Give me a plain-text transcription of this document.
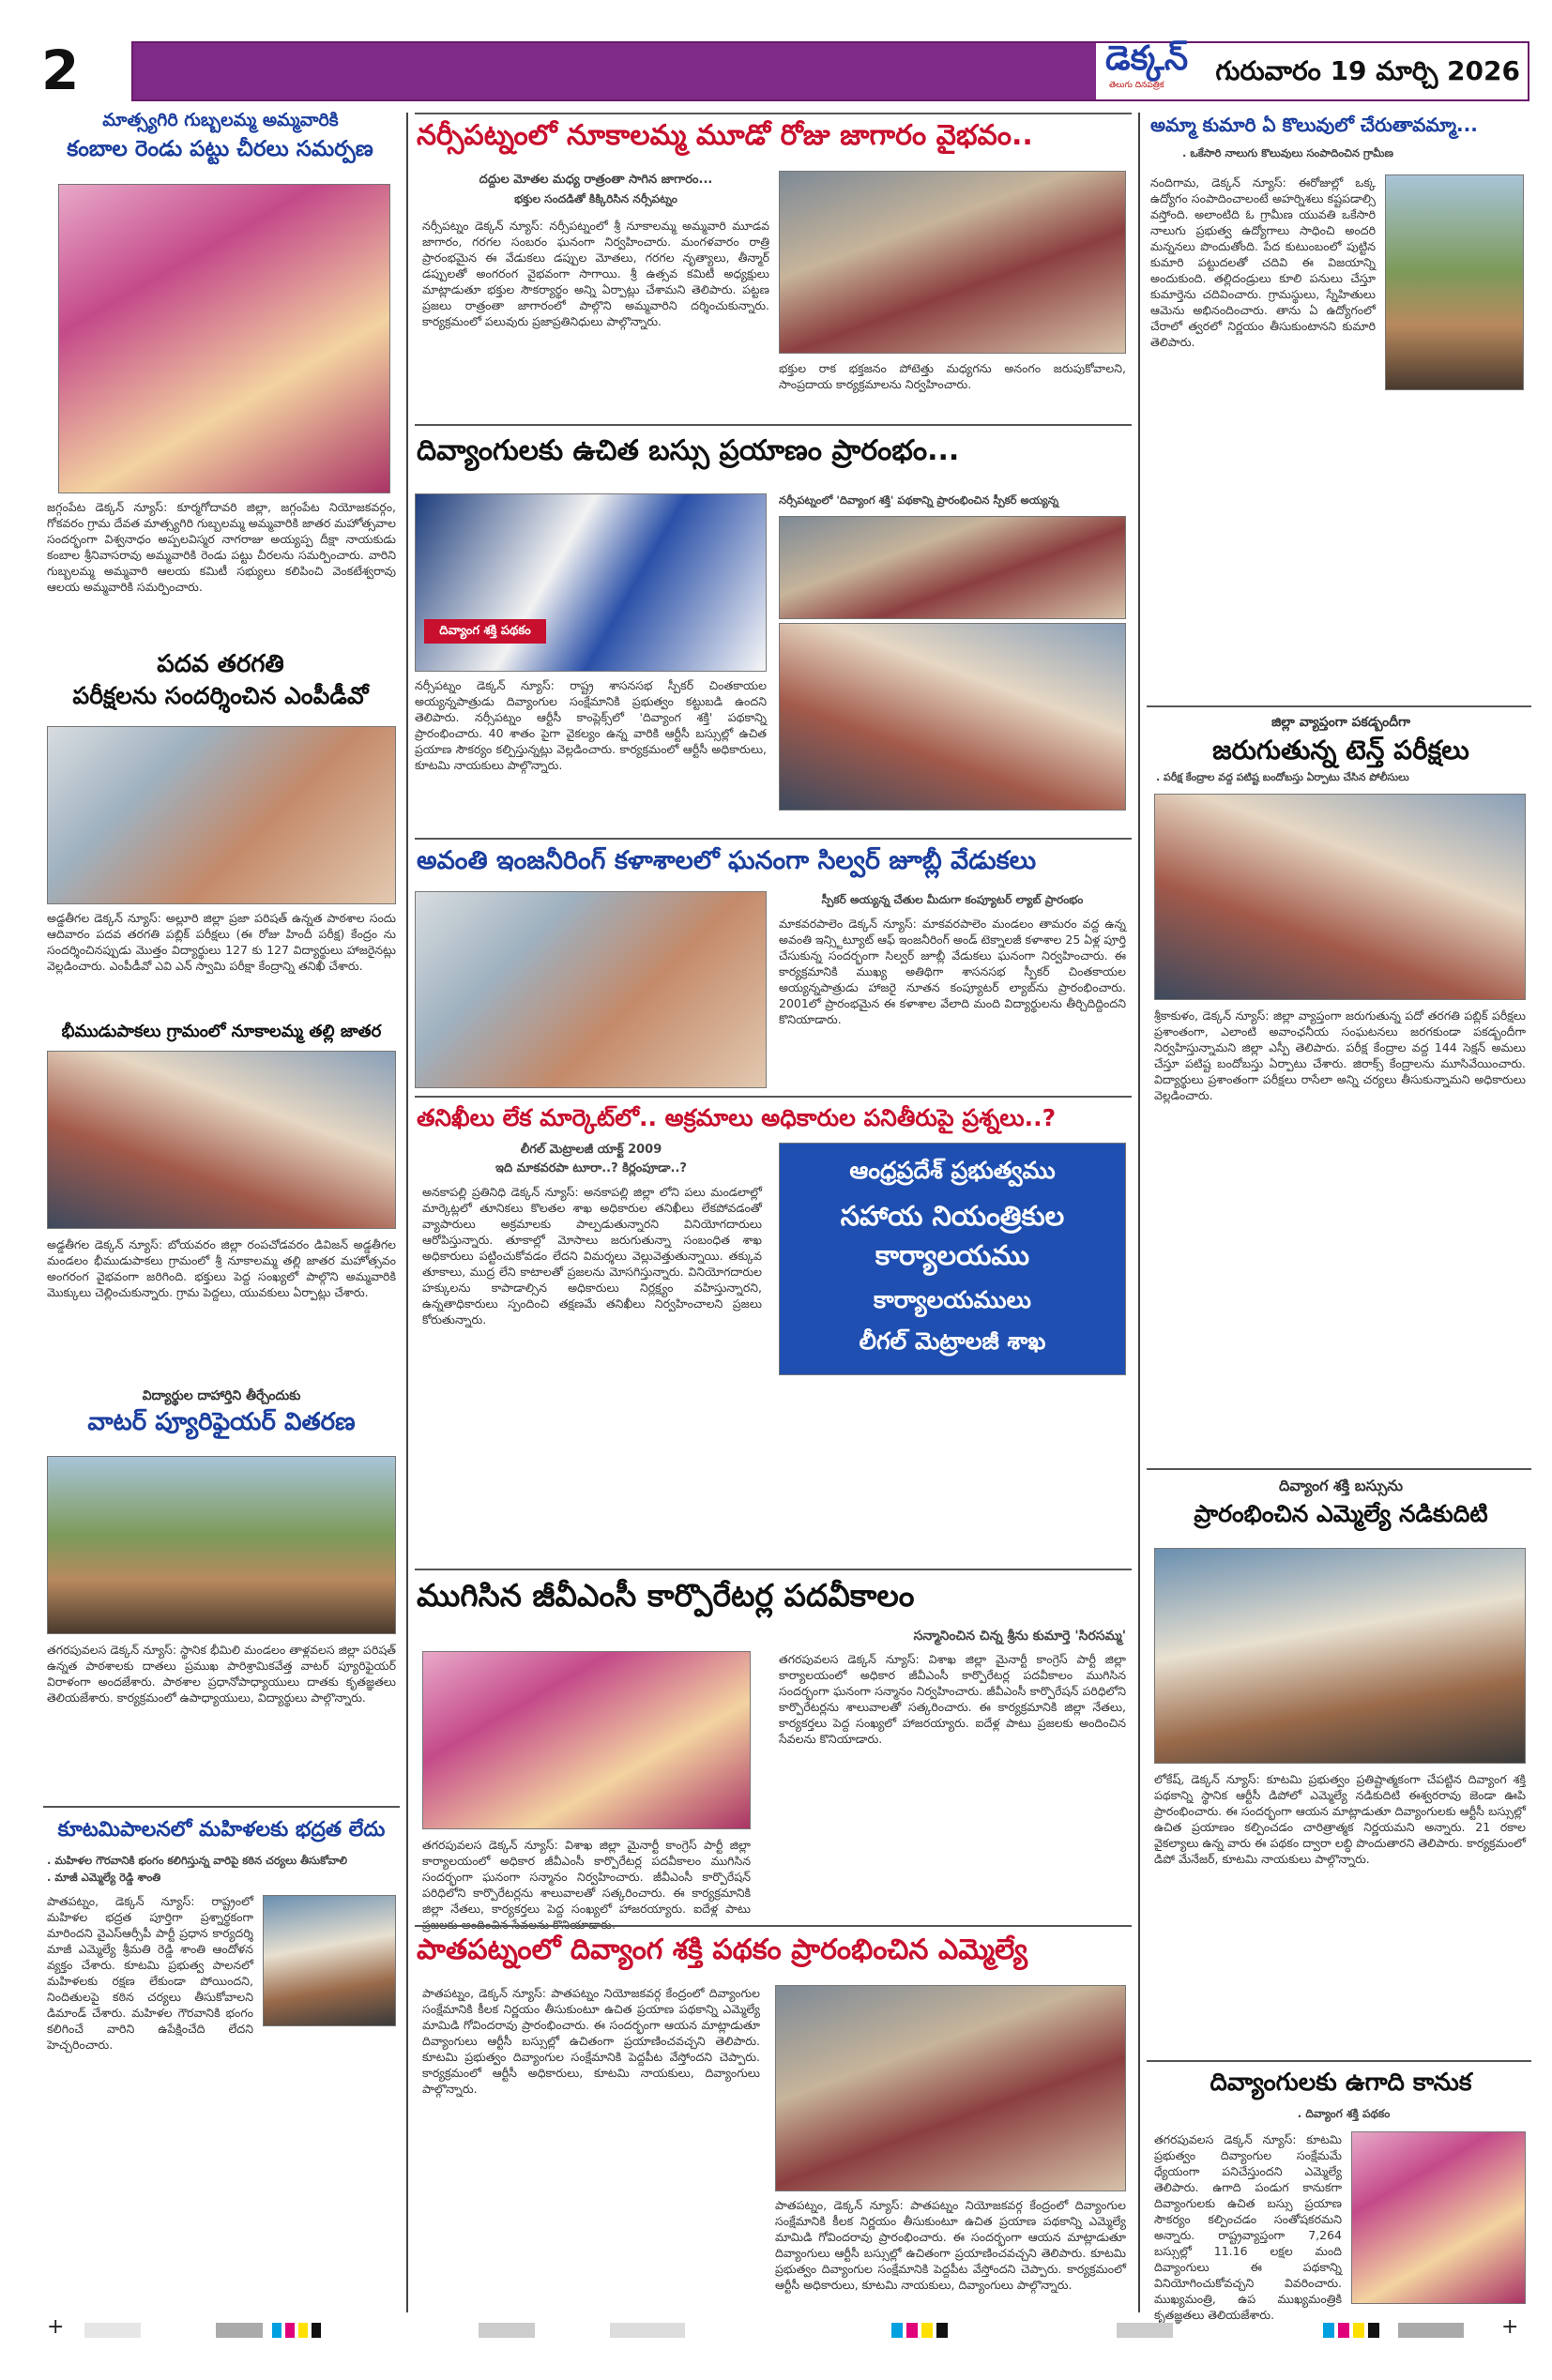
2	డెక్కన్
తెలుగు దినపత్రిక	గురువారం 19 మార్చి 2026
మాత్స్యగిరి గుబ్బలమ్మ అమ్మవారికి
కంబాల రెండు పట్టు చీరలు సమర్పణ
జగ్గంపేట డెక్కన్ న్యూస్: కూర్మగోదావరి జిల్లా, జగ్గంపేట నియోజకవర్గం, గోకవరం గ్రామ దేవత మాత్స్యగిరి గుబ్బలమ్మ అమ్మవారికి జాతర మహోత్సవాల సందర్భంగా విశ్వనాధం అప్పలవిస్మర నాగరాజు అయ్యప్ప దీక్షా నాయకుడు కంబాల శ్రీనివాసరావు అమ్మవారికి రెండు పట్టు చీరలను సమర్పించారు. వారిని గుబ్బలమ్మ అమ్మవారి ఆలయ కమిటీ సభ్యులు కలిపించి వెంకటేశ్వరావు ఆలయ అమ్మవారికి సమర్పించారు.
పదవ తరగతి
పరీక్షలను సందర్శించిన ఎంపీడీవో
అడ్డతీగల డెక్కన్ న్యూస్: అల్లూరి జిల్లా ప్రజా పరిషత్ ఉన్నత పాఠశాల సందు ఆదివారం పదవ తరగతి పబ్లిక్ పరీక్షలు (ఈ రోజు హిందీ పరీక్ష) కేంద్రం ను సందర్శించినప్పుడు మొత్తం విద్యార్థులు 127 కు 127 విద్యార్థులు హాజరైనట్లు వెల్లడించారు. ఎంపీడీవో ఎవి ఎన్ స్వామి పరీక్షా కేంద్రాన్ని తనిఖీ చేశారు.
భీముడుపాకలు గ్రామంలో నూకాలమ్మ తల్లి జాతర
అడ్డతీగల డెక్కన్ న్యూస్: బోయవరం జిల్లా రంపచోడవరం డివిజన్ అడ్డతీగల మండలం భీముడుపాకలు గ్రామంలో శ్రీ నూకాలమ్మ తల్లి జాతర మహోత్సవం అంగరంగ వైభవంగా జరిగింది. భక్తులు పెద్ద సంఖ్యలో పాల్గొని అమ్మవారికి మొక్కులు చెల్లించుకున్నారు. గ్రామ పెద్దలు, యువకులు ఏర్పాట్లు చేశారు.
విద్యార్థుల దాహార్తిని తీర్చేందుకు
వాటర్ ప్యూరిఫైయర్ వితరణ
తగరపువలస డెక్కన్ న్యూస్: స్థానిక భీమిలి మండలం తాళ్లవలస జిల్లా పరిషత్ ఉన్నత పాఠశాలకు దాతలు ప్రముఖ పారిశ్రామికవేత్త వాటర్ ప్యూరిఫైయర్ విరాళంగా అందజేశారు. పాఠశాల ప్రధానోపాధ్యాయులు దాతకు కృతజ్ఞతలు తెలియజేశారు. కార్యక్రమంలో ఉపాధ్యాయులు, విద్యార్థులు పాల్గొన్నారు.
కూటమిపాలనలో మహిళలకు భద్రత లేదు
. మహిళల గౌరవానికి భంగం కలిగిస్తున్న వారిపై కఠిన చర్యలు తీసుకోవాలి
. మాజీ ఎమ్మెల్యే రెడ్డి శాంతి
పాతపట్నం, డెక్కన్ న్యూస్: రాష్ట్రంలో మహిళల భద్రత పూర్తిగా ప్రశ్నార్థకంగా మారిందని వైఎస్ఆర్సీపీ పార్టీ ప్రధాన కార్యదర్శి మాజీ ఎమ్మెల్యే శ్రీమతి రెడ్డి శాంతి ఆందోళన వ్యక్తం చేశారు. కూటమి ప్రభుత్వ పాలనలో మహిళలకు రక్షణ లేకుండా పోయిందని, నిందితులపై కఠిన చర్యలు తీసుకోవాలని డిమాండ్ చేశారు. మహిళల గౌరవానికి భంగం కలిగించే వారిని ఉపేక్షించేది లేదని హెచ్చరించారు.
నర్సీపట్నంలో నూకాలమ్మ మూడో రోజు జాగారం వైభవం..
దద్దుల మోతల మధ్య రాత్రంతా సాగిన జాగారం...
భక్తుల సందడితో కిక్కిరిసిన నర్సీపట్నం
నర్సీపట్నం డెక్కన్ న్యూస్: నర్సీపట్నంలో శ్రీ నూకాలమ్మ అమ్మవారి మూడవ జాగారం, గరగల సంబరం ఘనంగా నిర్వహించారు. మంగళవారం రాత్రి ప్రారంభమైన ఈ వేడుకలు డప్పుల మోతలు, గరగల నృత్యాలు, తీన్మార్ డప్పులతో అంగరంగ వైభవంగా సాగాయి. శ్రీ ఉత్సవ కమిటీ అధ్యక్షులు మాట్లాడుతూ భక్తుల సౌకర్యార్థం అన్ని ఏర్పాట్లు చేశామని తెలిపారు. పట్టణ ప్రజలు రాత్రంతా జాగారంలో పాల్గొని అమ్మవారిని దర్శించుకున్నారు. కార్యక్రమంలో పలువురు ప్రజాప్రతినిధులు పాల్గొన్నారు.
భక్తుల రాక భక్తజనం పోటెత్తు మధ్యగను అనంగం జరుపుకోవాలని, సాంప్రదాయ కార్యక్రమాలను నిర్వహించారు.
దివ్యాంగులకు ఉచిత బస్సు ప్రయాణం ప్రారంభం...
దివ్యాంగ శక్తి పథకం
నర్సీపట్నంలో 'దివ్యాంగ శక్తి' పథకాన్ని ప్రారంభించిన స్పీకర్ అయ్యన్న
నర్సీపట్నం డెక్కన్ న్యూస్: రాష్ట్ర శాసనసభ స్పీకర్ చింతకాయల అయ్యన్నపాత్రుడు దివ్యాంగుల సంక్షేమానికి ప్రభుత్వం కట్టుబడి ఉందని తెలిపారు. నర్సీపట్నం ఆర్టీసీ కాంప్లెక్స్‌లో 'దివ్యాంగ శక్తి' పథకాన్ని ప్రారంభించారు. 40 శాతం పైగా వైకల్యం ఉన్న వారికి ఆర్టీసీ బస్సుల్లో ఉచిత ప్రయాణ సౌకర్యం కల్పిస్తున్నట్లు వెల్లడించారు. కార్యక్రమంలో ఆర్టీసీ అధికారులు, కూటమి నాయకులు పాల్గొన్నారు.
అవంతి ఇంజనీరింగ్ కళాశాలలో ఘనంగా సిల్వర్ జూబ్లీ వేడుకలు
స్పీకర్ అయ్యన్న చేతుల మీదుగా కంప్యూటర్ ల్యాబ్ ప్రారంభం
మాకవరపాలెం డెక్కన్ న్యూస్: మాకవరపాలెం మండలం తామరం వద్ద ఉన్న అవంతి ఇన్స్టిట్యూట్ ఆఫ్ ఇంజనీరింగ్ అండ్ టెక్నాలజీ కళాశాల 25 ఏళ్ల పూర్తి చేసుకున్న సందర్భంగా సిల్వర్ జూబ్లీ వేడుకలు ఘనంగా నిర్వహించారు. ఈ కార్యక్రమానికి ముఖ్య అతిథిగా శాసనసభ స్పీకర్ చింతకాయల అయ్యన్నపాత్రుడు హాజరై నూతన కంప్యూటర్ ల్యాబ్‌ను ప్రారంభించారు. 2001లో ప్రారంభమైన ఈ కళాశాల వేలాది మంది విద్యార్థులను తీర్చిదిద్దిందని కొనియాడారు.
తనిఖీలు లేక మార్కెట్‌లో.. అక్రమాలు అధికారుల పనితీరుపై ప్రశ్నలు..?
లీగల్ మెట్రాలజీ యాక్ట్ 2009
ఇది మాకవరపా టూరా..? కిర్లంపూడా..?
అనకాపల్లి ప్రతినిధి డెక్కన్ న్యూస్: అనకాపల్లి జిల్లా లోని పలు మండలాల్లో మార్కెట్లలో తూనికలు కొలతల శాఖ అధికారుల తనిఖీలు లేకపోవడంతో వ్యాపారులు అక్రమాలకు పాల్పడుతున్నారని వినియోగదారులు ఆరోపిస్తున్నారు. తూకాల్లో మోసాలు జరుగుతున్నా సంబంధిత శాఖ అధికారులు పట్టించుకోవడం లేదని విమర్శలు వెల్లువెత్తుతున్నాయి. తక్కువ తూకాలు, ముద్ర లేని కాటాలతో ప్రజలను మోసగిస్తున్నారు. వినియోగదారుల హక్కులను కాపాడాల్సిన అధికారులు నిర్లక్ష్యం వహిస్తున్నారని, ఉన్నతాధికారులు స్పందించి తక్షణమే తనిఖీలు నిర్వహించాలని ప్రజలు కోరుతున్నారు.
ఆంధ్రప్రదేశ్ ప్రభుత్వము
సహాయ నియంత్రికుల కార్యాలయము
కార్యాలయములు
లీగల్ మెట్రాలజీ శాఖ
ముగిసిన జీవీఎంసీ కార్పొరేటర్ల పదవీకాలం
సన్మానించిన చిన్న శ్రీను కుమార్తె 'సిరసమ్మ'
తగరపువలస డెక్కన్ న్యూస్: విశాఖ జిల్లా మైనార్టీ కాంగ్రెస్ పార్టీ జిల్లా కార్యాలయంలో అధికార జీవీఎంసీ కార్పొరేటర్ల పదవీకాలం ముగిసిన సందర్భంగా ఘనంగా సన్మానం నిర్వహించారు. జీవీఎంసీ కార్పొరేషన్ పరిధిలోని కార్పొరేటర్లను శాలువాలతో సత్కరించారు. ఈ కార్యక్రమానికి జిల్లా నేతలు, కార్యకర్తలు పెద్ద సంఖ్యలో హాజరయ్యారు. ఐదేళ్ల పాటు
తగరపువలస డెక్కన్ న్యూస్: విశాఖ జిల్లా మైనార్టీ కాంగ్రెస్ పార్టీ జిల్లా కార్యాలయంలో అధికార జీవీఎంసీ కార్పొరేటర్ల పదవీకాలం ముగిసిన సందర్భంగా ఘనంగా సన్మానం నిర్వహించారు. జీవీఎంసీ కార్పొరేషన్ పరిధిలోని కార్పొరేటర్లను శాలువాలతో సత్కరించారు. ఈ కార్యక్రమానికి జిల్లా నేతలు, కార్యకర్తలు పెద్ద సంఖ్యలో హాజరయ్యారు. ఐదేళ్ల పాటు ప్రజలకు అందించిన సేవలను కొనియాడారు.
పాతపట్నంలో దివ్యాంగ శక్తి పథకం ప్రారంభించిన ఎమ్మెల్యే
పాతపట్నం, డెక్కన్ న్యూస్: పాతపట్నం నియోజకవర్గ కేంద్రంలో దివ్యాంగుల సంక్షేమానికి కీలక నిర్ణయం తీసుకుంటూ ఉచిత ప్రయాణ పథకాన్ని ఎమ్మెల్యే మామిడి గోవిందరావు ప్రారంభించారు. ఈ సందర్భంగా ఆయన మాట్లాడుతూ దివ్యాంగులు ఆర్టీసీ బస్సుల్లో ఉచితంగా ప్రయాణించవచ్చని తెలిపారు. కూటమి ప్రభుత్వం దివ్యాంగుల సంక్షేమానికి పెద్దపీట వేస్తోందని చెప్పారు. కార్యక్రమంలో ఆర్టీసీ అధికారులు, కూటమి నాయకులు, దివ్యాంగులు పాల్గొన్నారు.
పాతపట్నం, డెక్కన్ న్యూస్: పాతపట్నం నియోజకవర్గ కేంద్రంలో దివ్యాంగుల సంక్షేమానికి కీలక నిర్ణయం తీసుకుంటూ ఉచిత ప్రయాణ పథకాన్ని ఎమ్మెల్యే మామిడి గోవిందరావు ప్రారంభించారు. ఈ సందర్భంగా ఆయన మాట్లాడుతూ దివ్యాంగులు ఆర్టీసీ బస్సుల్లో ఉచితంగా ప్రయాణించవచ్చని తెలిపారు. కూటమి ప్రభుత్వం దివ్యాంగుల సంక్షేమానికి పెద్దపీట వేస్తోందని చెప్పారు. కార్యక్రమంలో ఆర్టీసీ అధికారులు, కూటమి నాయకులు, దివ్యాంగులు పాల్గొన్నారు.
అమ్మా కుమారి ఏ కొలువులో చేరుతావమ్మా...
. ఒకేసారి నాలుగు కొలువులు సంపాదించిన గ్రామీణ
నందిగామ, డెక్కన్ న్యూస్: ఈరోజుల్లో ఒక్క ఉద్యోగం సంపాదించాలంటే అహర్నిశలు కష్టపడాల్సి వస్తోంది. అలాంటిది ఓ గ్రామీణ యువతి ఒకేసారి నాలుగు ప్రభుత్వ ఉద్యోగాలు సాధించి అందరి మన్ననలు పొందుతోంది. పేద కుటుంబంలో పుట్టిన కుమారి పట్టుదలతో చదివి ఈ విజయాన్ని అందుకుంది. తల్లిదండ్రులు కూలి పనులు చేస్తూ కుమార్తెను చదివించారు. గ్రామస్థులు, స్నేహితులు ఆమెను అభినందించారు. తాను ఏ ఉద్యోగంలో చేరాలో త్వరలో నిర్ణయం తీసుకుంటానని కుమారి తెలిపారు.
జిల్లా వ్యాప్తంగా పకడ్బందీగా
జరుగుతున్న టెన్త్ పరీక్షలు
. పరీక్ష కేంద్రాల వద్ద పటిష్ట బందోబస్తు ఏర్పాటు చేసిన పోలీసులు
శ్రీకాకుళం, డెక్కన్ న్యూస్: జిల్లా వ్యాప్తంగా జరుగుతున్న పదో తరగతి పబ్లిక్ పరీక్షలు ప్రశాంతంగా, ఎలాంటి అవాంఛనీయ సంఘటనలు జరగకుండా పకడ్బందీగా నిర్వహిస్తున్నామని జిల్లా ఎస్పీ తెలిపారు. పరీక్ష కేంద్రాల వద్ద 144 సెక్షన్ అమలు చేస్తూ పటిష్ట బందోబస్తు ఏర్పాటు చేశారు. జిరాక్స్ కేంద్రాలను మూసివేయించారు. విద్యార్థులు ప్రశాంతంగా పరీక్షలు రాసేలా అన్ని చర్యలు తీసుకున్నామని అధికారులు వెల్లడించారు.
దివ్యాంగ శక్తి బస్సును
ప్రారంభించిన ఎమ్మెల్యే నడికుదిటి
లోకేష్, డెక్కన్ న్యూస్: కూటమి ప్రభుత్వం ప్రతిష్టాత్మకంగా చేపట్టిన దివ్యాంగ శక్తి పథకాన్ని స్థానిక ఆర్టీసీ డిపోలో ఎమ్మెల్యే నడికుదిటి ఈశ్వరరావు జెండా ఊపి ప్రారంభించారు. ఈ సందర్భంగా ఆయన మాట్లాడుతూ దివ్యాంగులకు ఆర్టీసీ బస్సుల్లో ఉచిత ప్రయాణం కల్పించడం చారిత్రాత్మక నిర్ణయమని అన్నారు. 21 రకాల వైకల్యాలు ఉన్న వారు ఈ పథకం ద్వారా లబ్ధి పొందుతారని తెలిపారు. కార్యక్రమంలో డిపో మేనేజర్, కూటమి నాయకులు పాల్గొన్నారు.
దివ్యాంగులకు ఉగాది కానుక
. దివ్యాంగ శక్తి పథకం
తగరపువలస డెక్కన్ న్యూస్: కూటమి ప్రభుత్వం దివ్యాంగుల సంక్షేమమే ధ్యేయంగా పనిచేస్తుందని ఎమ్మెల్యే తెలిపారు. ఉగాది పండుగ కానుకగా దివ్యాంగులకు ఉచిత బస్సు ప్రయాణ సౌకర్యం కల్పించడం సంతోషకరమని అన్నారు. రాష్ట్రవ్యాప్తంగా 7,264 బస్సుల్లో 11.16 లక్షల మంది దివ్యాంగులు ఈ పథకాన్ని వినియోగించుకోవచ్చని వివరించారు. ముఖ్యమంత్రి, ఉప ముఖ్యమంత్రికి కృతజ్ఞతలు తెలియజేశారు.
+	+
